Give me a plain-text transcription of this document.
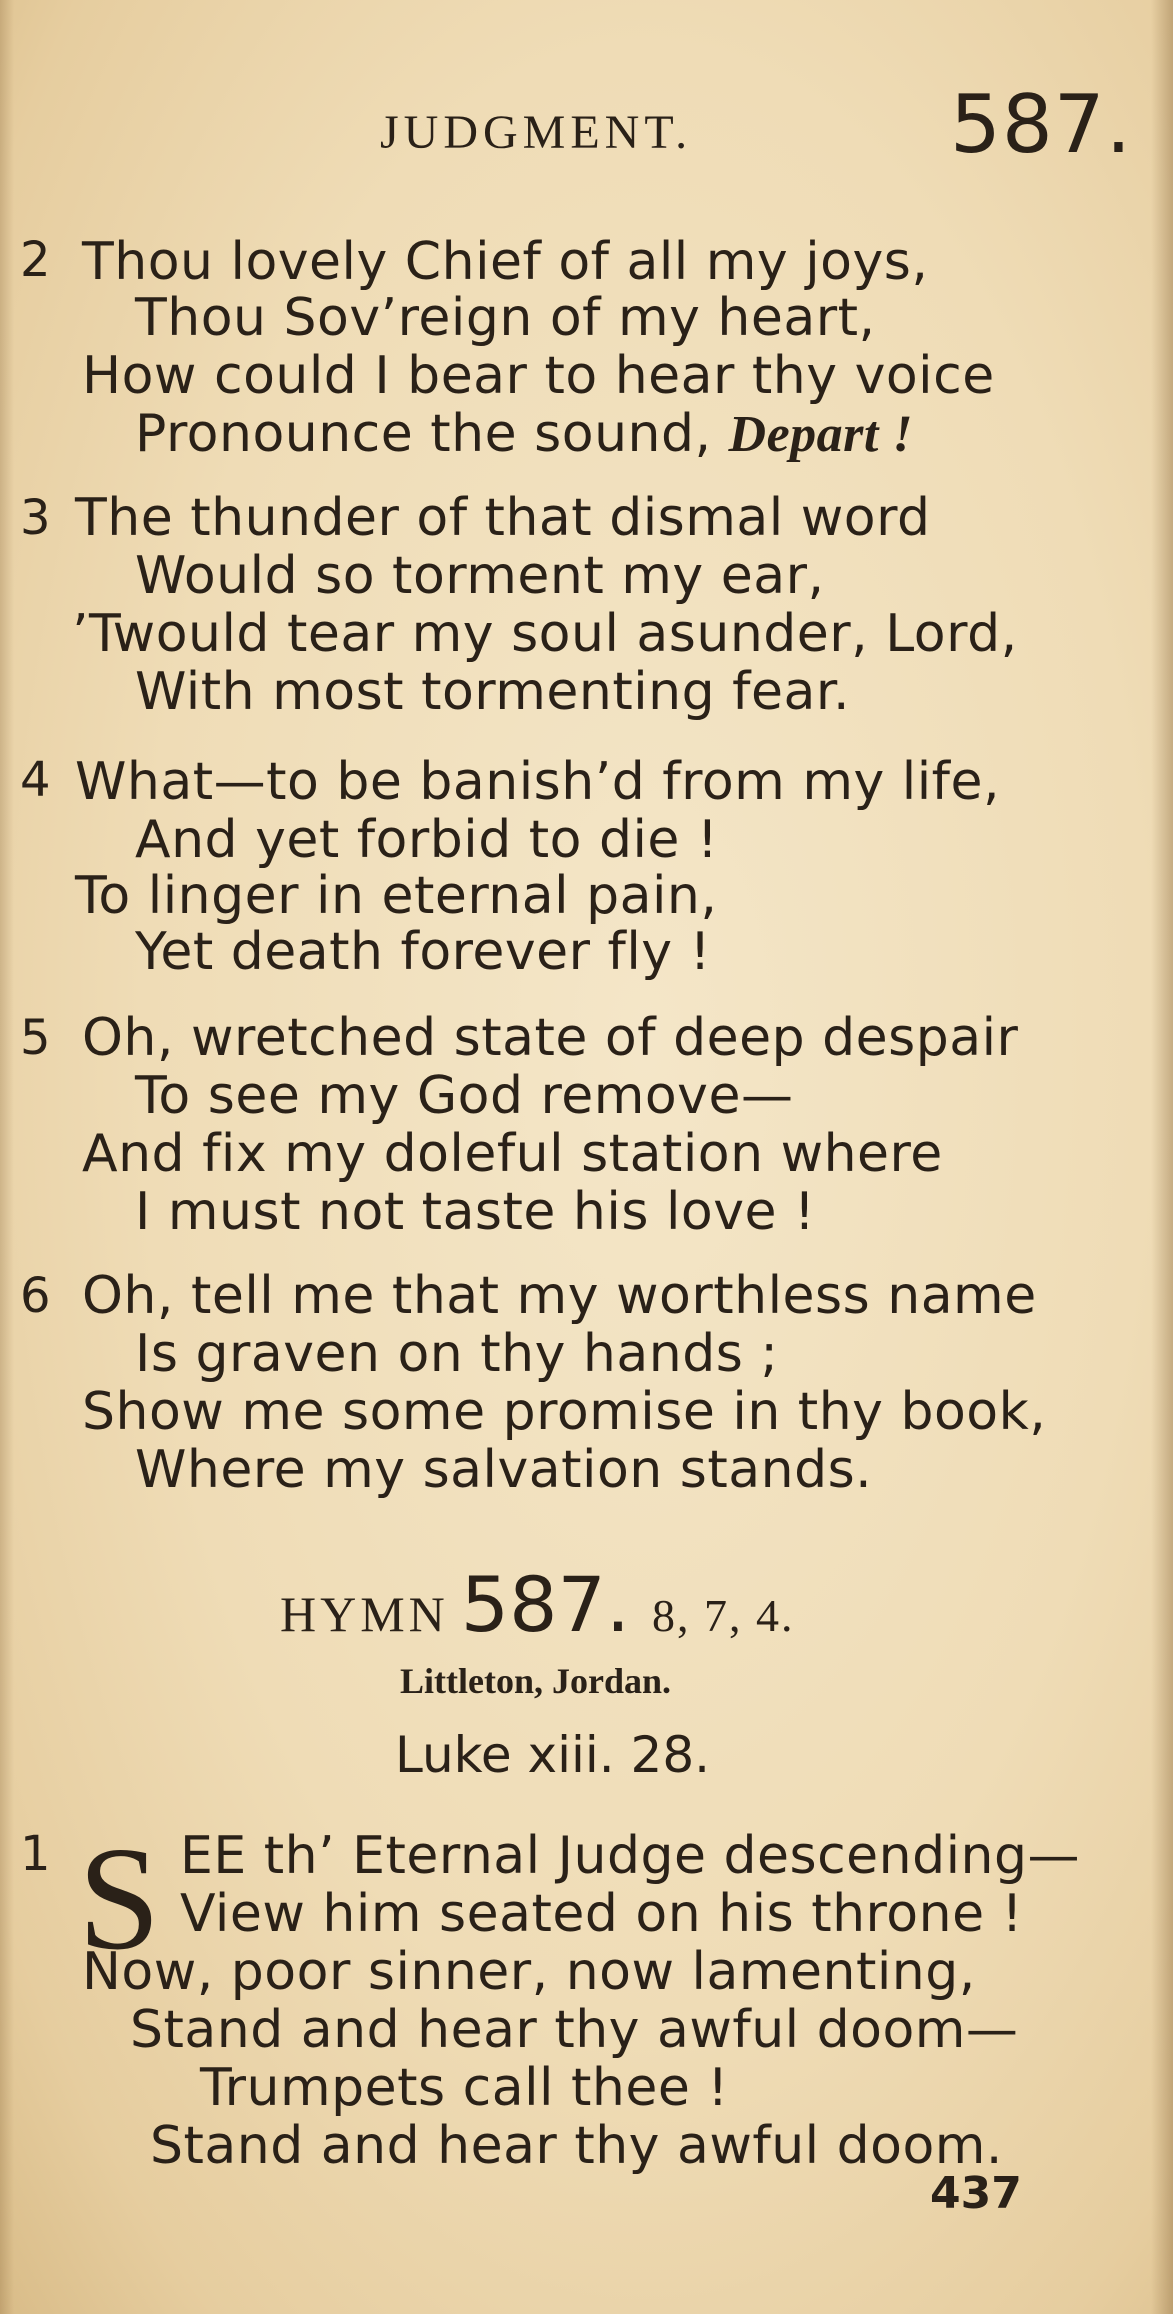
JUDGMENT.	587.
2 Thou lovely Chief of all my joys,
Thou Sov’reign of my heart,
How could I bear to hear thy voice
Pronounce the sound, Depart !
3 The thunder of that dismal word
Would so torment my ear,
’Twould tear my soul asunder, Lord,
With most tormenting fear.
4 What—to be banish’d from my life,
And yet forbid to die !
To linger in eternal pain,
Yet death forever fly !
5 Oh, wretched state of deep despair
To see my God remove—
And fix my doleful station where
I must not taste his love !
6 Oh, tell me that my worthless name
Is graven on thy hands ;
Show me some promise in thy book,
Where my salvation stands.
HYMN 587. 8, 7, 4.
Littleton, Jordan.
Luke xiii. 28.
1 S EE th’ Eternal Judge descending—
View him seated on his throne !
Now, poor sinner, now lamenting,
Stand and hear thy awful doom—
Trumpets call thee !
Stand and hear thy awful doom.
437
